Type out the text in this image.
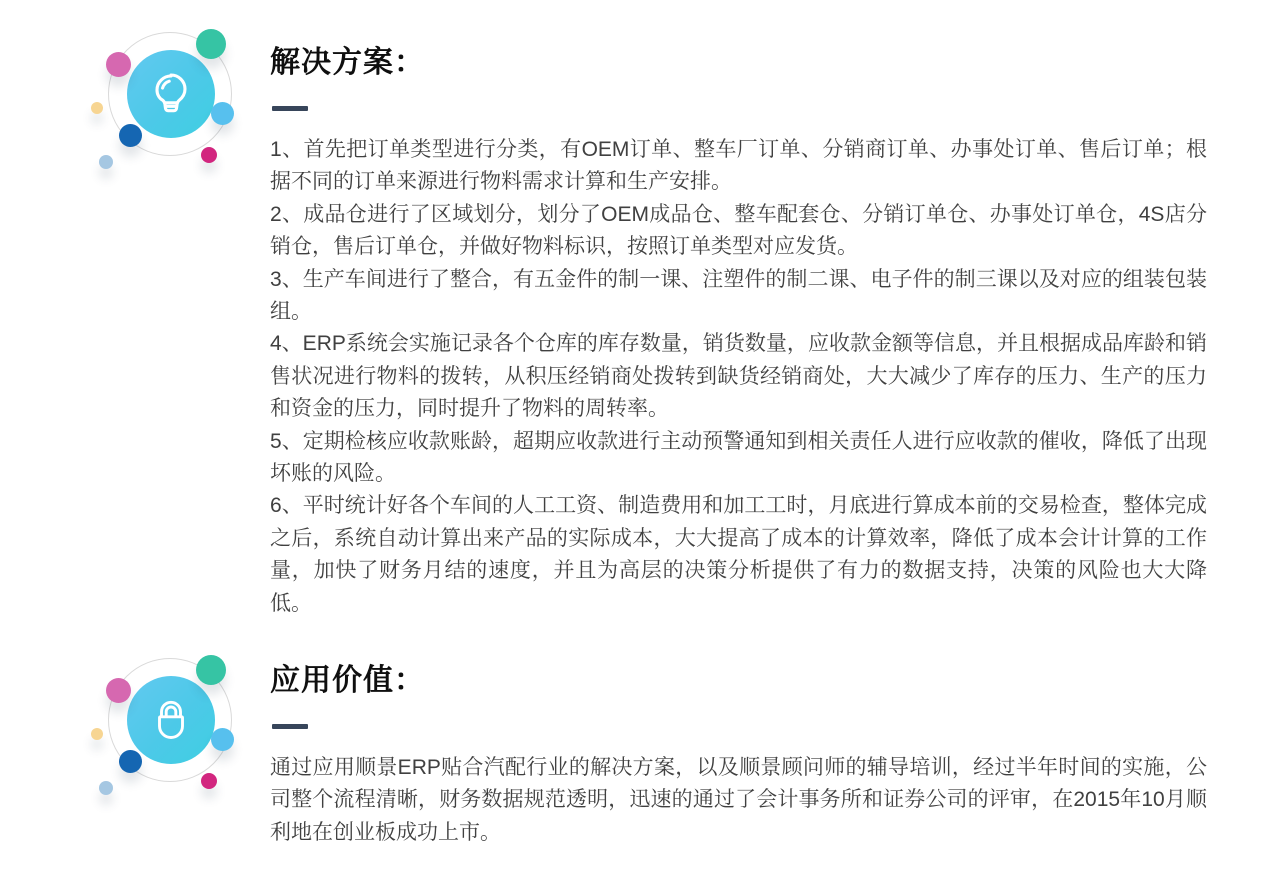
解决方案：

1、首先把订单类型进行分类，有OEM订单、整车厂订单、分销商订单、办事处订单、售后订单；根据不同的订单来源进行物料需求计算和生产安排。

2、成品仓进行了区域划分，划分了OEM成品仓、整车配套仓、分销订单仓、办事处订单仓，4S店分销仓，售后订单仓，并做好物料标识，按照订单类型对应发货。

3、生产车间进行了整合，有五金件的制一课、注塑件的制二课、电子件的制三课以及对应的组装包装组。

4、ERP系统会实施记录各个仓库的库存数量，销货数量，应收款金额等信息，并且根据成品库龄和销售状况进行物料的拨转，从积压经销商处拨转到缺货经销商处，大大减少了库存的压力、生产的压力和资金的压力，同时提升了物料的周转率。

5、定期检核应收款账龄，超期应收款进行主动预警通知到相关责任人进行应收款的催收，降低了出现坏账的风险。

6、平时统计好各个车间的人工工资、制造费用和加工工时，月底进行算成本前的交易检查，整体完成之后，系统自动计算出来产品的实际成本，大大提高了成本的计算效率，降低了成本会计计算的工作量，加快了财务月结的速度，并且为高层的决策分析提供了有力的数据支持，决策的风险也大大降低。

应用价值：

通过应用顺景ERP贴合汽配行业的解决方案，以及顺景顾问师的辅导培训，经过半年时间的实施，公司整个流程清晰，财务数据规范透明，迅速的通过了会计事务所和证券公司的评审，在2015年10月顺利地在创业板成功上市。
